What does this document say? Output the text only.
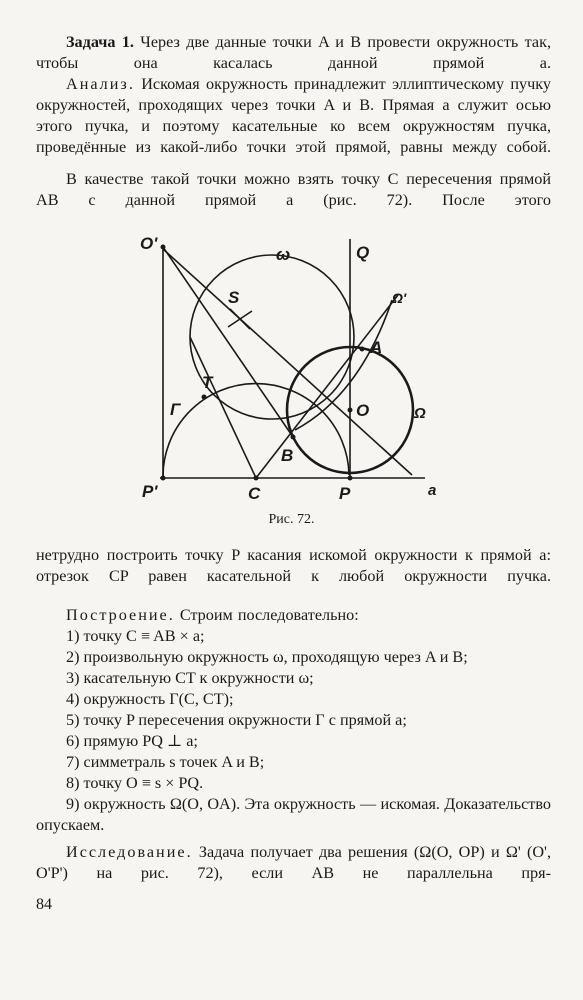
Задача 1. Через две данные точки A и B провести окружность так, чтобы она касалась данной прямой a.

Анализ. Искомая окружность принадлежит эллиптическому пучку окружностей, проходящих через точки A и B. Прямая a служит осью этого пучка, и поэтому касательные ко всем окружностям пучка, проведённые из какой-либо точки этой прямой, равны между собой.

В качестве такой точки можно взять точку C пересечения прямой AB с данной прямой a (рис. 72). После этого

O'
ω	Q
S	Ω'
A
T
Γ	O	Ω
B
P'	C	P	a
Рис. 72.

нетрудно построить точку P касания искомой окружности к прямой a: отрезок CP равен касательной к любой окружности пучка.

Построение. Строим последовательно:

1) точку C ≡ AB × a;
2) произвольную окружность ω, проходящую через A и B;
3) касательную CT к окружности ω;
4) окружность Γ(C, CT);
5) точку P пересечения окружности Γ с прямой a;
6) прямую PQ ⊥ a;
7) симметраль s точек A и B;
8) точку O ≡ s × PQ.
9) окружность Ω(O, OA). Эта окружность — искомая. Доказательство опускаем.

Исследование. Задача получает два решения (Ω(O, OP) и Ω' (O', O'P') на рис. 72), если AB не параллельна пря-

84
